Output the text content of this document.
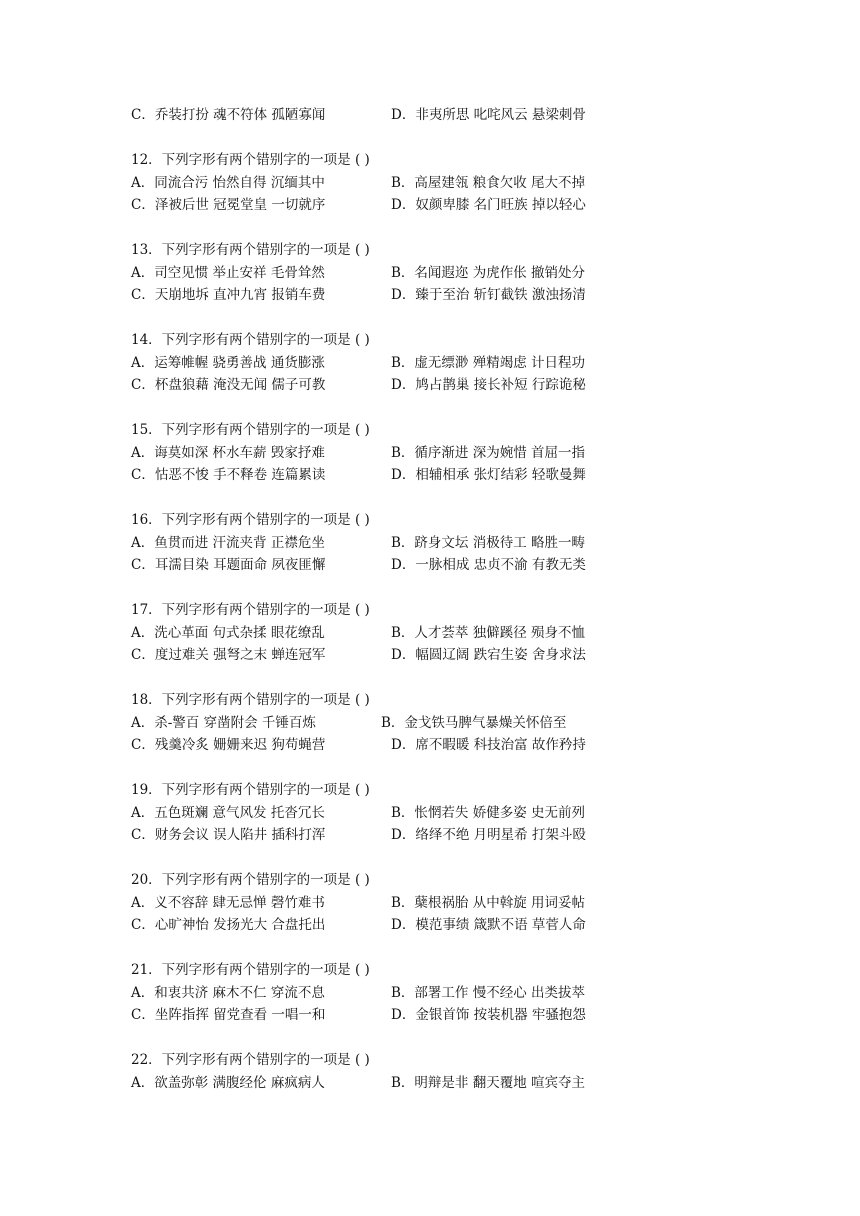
C．乔装打扮 魂不符体 孤陋寡闻	D．非夷所思 叱咤风云 悬梁刺骨
12．下列字形有两个错别字的一项是 ( )
A．同流合污 怡然自得 沉缅其中	B．高屋建瓴 粮食欠收 尾大不掉
C．泽被后世 冠冕堂皇 一切就序	D．奴颜卑膝 名门旺族 掉以轻心
13．下列字形有两个错别字的一项是 ( )
A．司空见惯 举止安祥 毛骨耸然	B．名闻遐迩 为虎作伥 撤销处分
C．天崩地坼 直冲九宵 报销车费	D．臻于至治 斩钉截铁 激浊扬清
14．下列字形有两个错别字的一项是 ( )
A．运筹帷幄 骁勇善战 通货膨涨	B．虚无缥渺 殚精竭虑 计日程功
C．杯盘狼藉 淹没无闻 儒子可教	D．鸠占鹊巢 接长补短 行踪诡秘
15．下列字形有两个错别字的一项是 ( )
A．诲莫如深 杯水车薪 毁家抒难	B．循序渐进 深为婉惜 首屈一指
C．怙恶不悛 手不释卷 连篇累读	D．相辅相承 张灯结彩 轻歌曼舞
16．下列字形有两个错别字的一项是 ( )
A．鱼贯而进 汗流夹背 正襟危坐	B．跻身文坛 消极待工 略胜一畴
C．耳濡目染 耳题面命 夙夜匪懈	D．一脉相成 忠贞不渝 有教无类
17．下列字形有两个错别字的一项是 ( )
A．洗心革面 句式杂揉 眼花缭乱	B．人才荟萃 独僻蹊径 殒身不恤
C．度过难关 强弩之末 蝉连冠军	D．幅圆辽阔 跌宕生姿 舍身求法
18．下列字形有两个错别字的一项是 ( )
A．杀-警百 穿凿附会 千锤百炼	B．金戈铁马脾气暴燥关怀倍至
C．残羹冷炙 姗姗来迟 狗苟蝇营	D．席不暇暖 科技治富 故作矜持
19．下列字形有两个错别字的一项是 ( )
A．五色斑斓 意气风发 托沓冗长	B．怅惘若失 娇健多姿 史无前列
C．财务会议 误人陷井 插科打浑	D．络绎不绝 月明星希 打架斗殴
20．下列字形有两个错别字的一项是 ( )
A．义不容辞 肆无忌惮 磬竹难书	B．蘖根祸胎 从中斡旋 用词妥帖
C．心旷神怡 发扬光大 合盘托出	D．模范事绩 箴默不语 草菅人命
21．下列字形有两个错别字的一项是 ( )
A．和衷共济 麻木不仁 穿流不息	B．部署工作 慢不经心 出类拔萃
C．坐阵指挥 留党查看 一唱一和	D．金银首饰 按装机器 牢骚抱怨
22．下列字形有两个错别字的一项是 ( )
A．欲盖弥彰 满腹经伦 麻疯病人	B．明辩是非 翻天覆地 喧宾夺主
